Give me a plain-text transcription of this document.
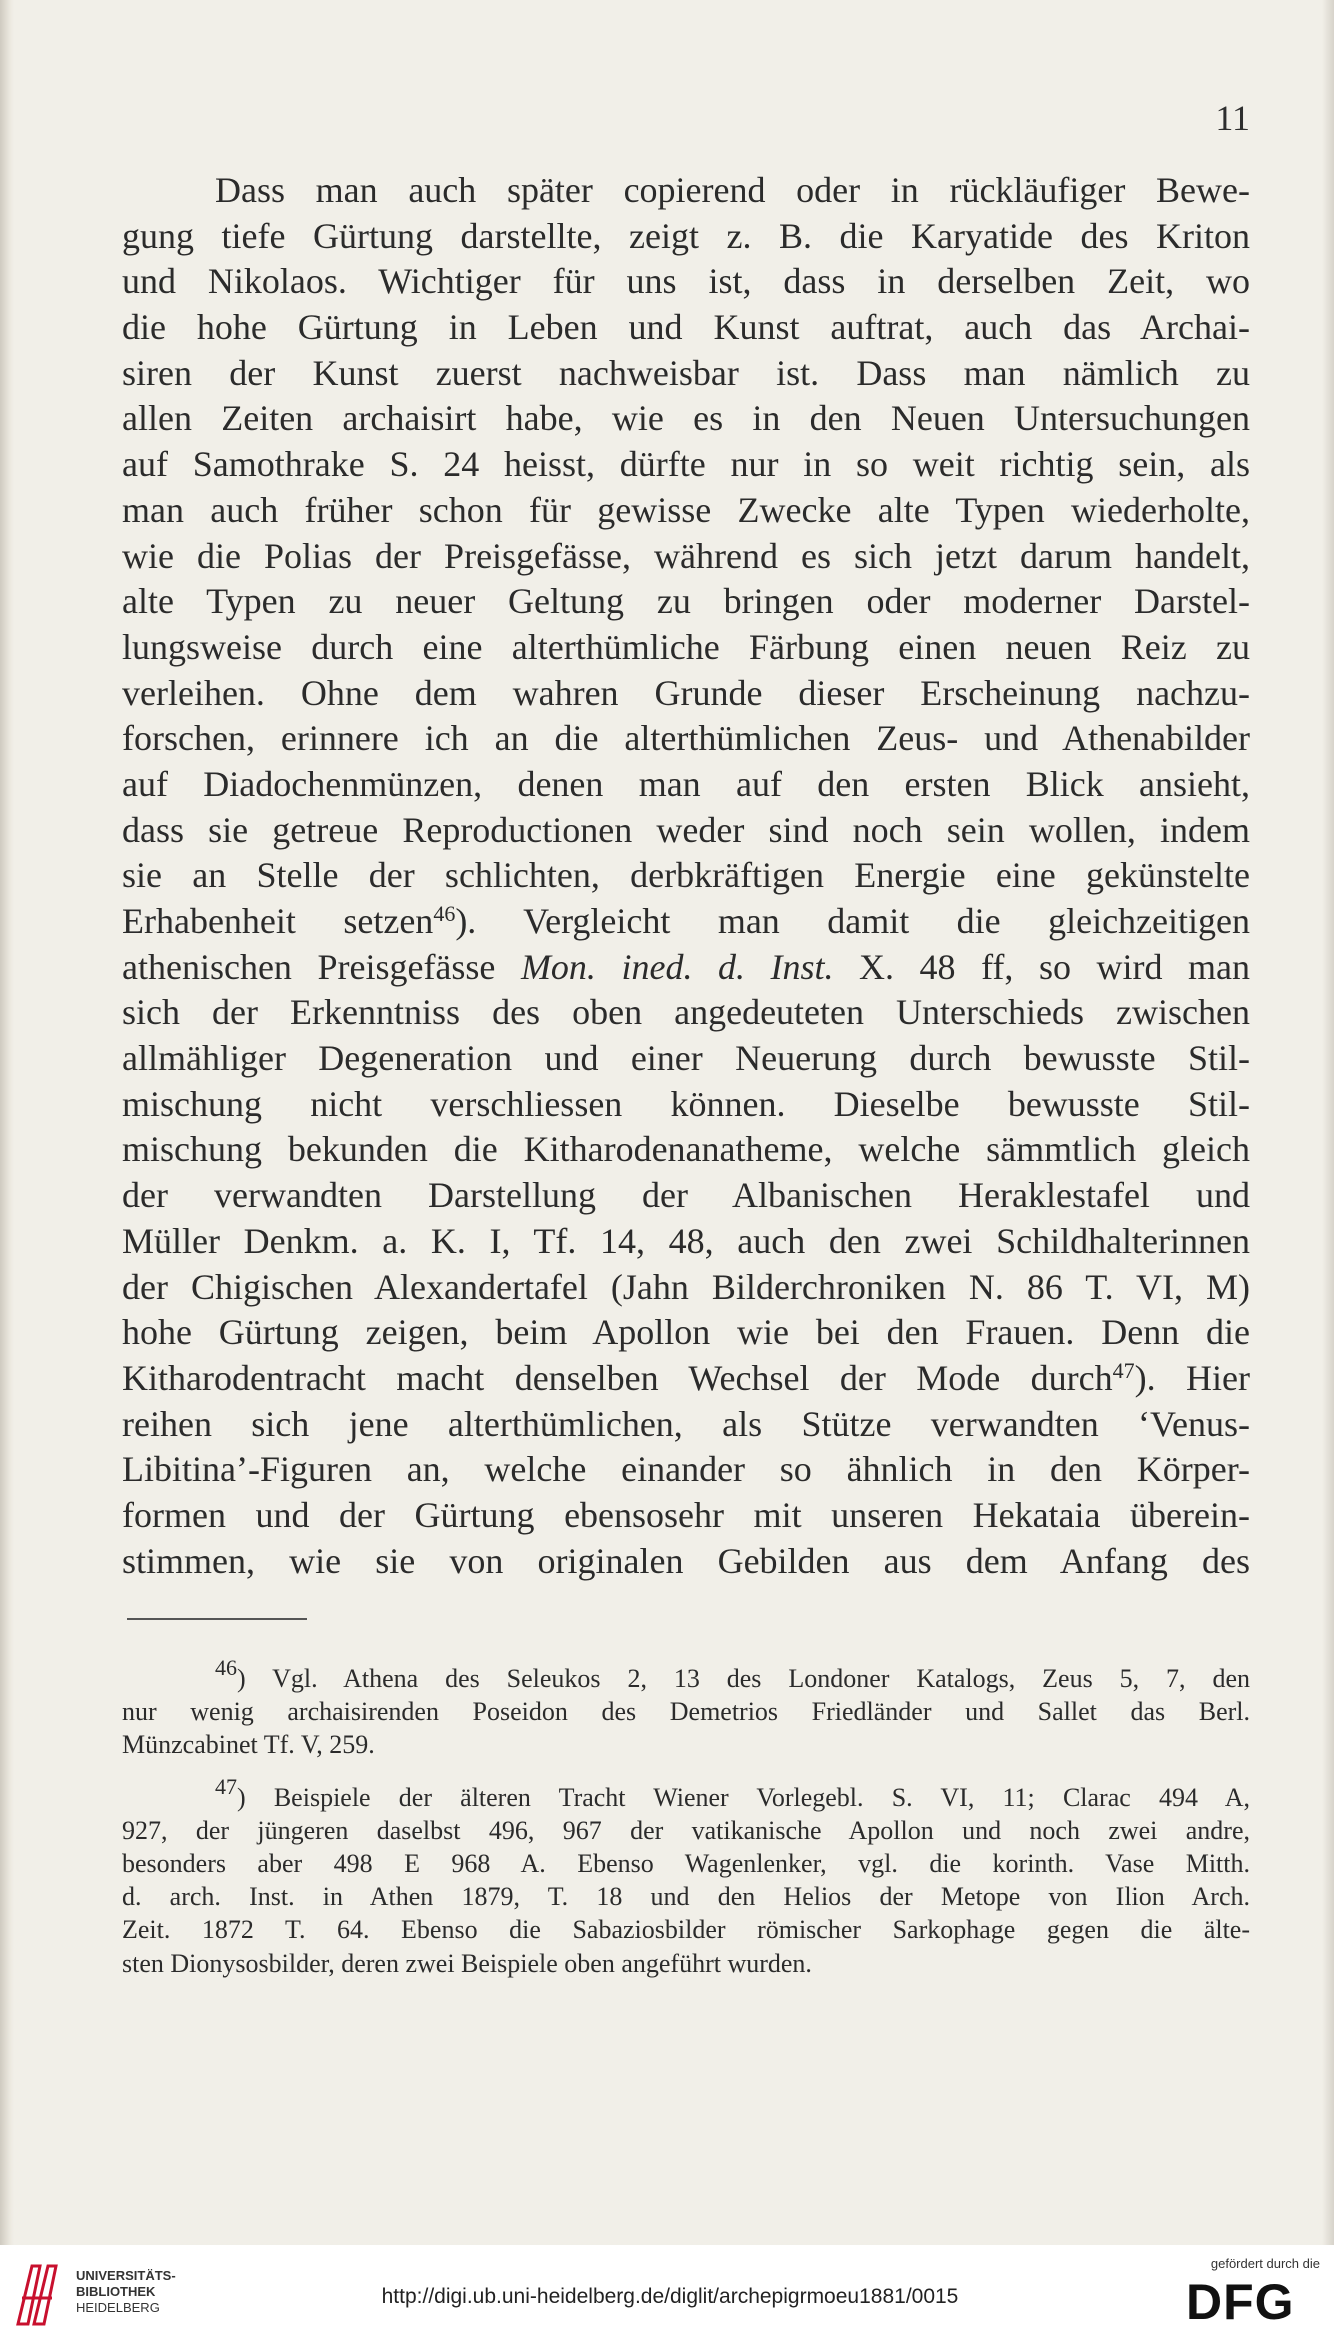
11
Dass man auch später copierend oder in rückläufiger Bewe-
gung tiefe Gürtung darstellte, zeigt z. B. die Karyatide des Kriton
und Nikolaos. Wichtiger für uns ist, dass in derselben Zeit, wo
die hohe Gürtung in Leben und Kunst auftrat, auch das Archai-
siren der Kunst zuerst nachweisbar ist. Dass man nämlich zu
allen Zeiten archaisirt habe, wie es in den Neuen Untersuchungen
auf Samothrake S. 24 heisst, dürfte nur in so weit richtig sein, als
man auch früher schon für gewisse Zwecke alte Typen wiederholte,
wie die Polias der Preisgefässe, während es sich jetzt darum handelt,
alte Typen zu neuer Geltung zu bringen oder moderner Darstel-
lungsweise durch eine alterthümliche Färbung einen neuen Reiz zu
verleihen. Ohne dem wahren Grunde dieser Erscheinung nachzu-
forschen, erinnere ich an die alterthümlichen Zeus- und Athenabilder
auf Diadochenmünzen, denen man auf den ersten Blick ansieht,
dass sie getreue Reproductionen weder sind noch sein wollen, indem
sie an Stelle der schlichten, derbkräftigen Energie eine gekünstelte
Erhabenheit setzen$^{46}$). Vergleicht man damit die gleichzeitigen
athenischen Preisgefässe Mon. ined. d. Inst. X. 48 ff, so wird man
sich der Erkenntniss des oben angedeuteten Unterschieds zwischen
allmähliger Degeneration und einer Neuerung durch bewusste Stil-
mischung nicht verschliessen können. Dieselbe bewusste Stil-
mischung bekunden die Kitharodenanatheme, welche sämmtlich gleich
der verwandten Darstellung der Albanischen Heraklestafel und
Müller Denkm. a. K. I, Tf. 14, 48, auch den zwei Schildhalterinnen
der Chigischen Alexandertafel (Jahn Bilderchroniken N. 86 T. VI, M)
hohe Gürtung zeigen, beim Apollon wie bei den Frauen. Denn die
Kitharodentracht macht denselben Wechsel der Mode durch$^{47}$). Hier
reihen sich jene alterthümlichen, als Stütze verwandten ‘Venus-
Libitina’-Figuren an, welche einander so ähnlich in den Körper-
formen und der Gürtung ebensosehr mit unseren Hekataia überein-
stimmen, wie sie von originalen Gebilden aus dem Anfang des
$^{46}$) Vgl. Athena des Seleukos 2, 13 des Londoner Katalogs, Zeus 5, 7, den
nur wenig archaisirenden Poseidon des Demetrios Friedländer und Sallet das Berl.
Münzcabinet Tf. V, 259.
$^{47}$) Beispiele der älteren Tracht Wiener Vorlegebl. S. VI, 11; Clarac 494 A,
927, der jüngeren daselbst 496, 967 der vatikanische Apollon und noch zwei andre,
besonders aber 498 E 968 A. Ebenso Wagenlenker, vgl. die korinth. Vase Mitth.
d. arch. Inst. in Athen 1879, T. 18 und den Helios der Metope von Ilion Arch.
Zeit. 1872 T. 64. Ebenso die Sabaziosbilder römischer Sarkophage gegen die älte-
sten Dionysosbilder, deren zwei Beispiele oben angeführt wurden.
UNIVERSITÄTS-
BIBLIOTHEK
HEIDELBERG	http://digi.ub.uni-heidelberg.de/diglit/archepigrmoeu1881/0015
gefördert durch die
DFG
